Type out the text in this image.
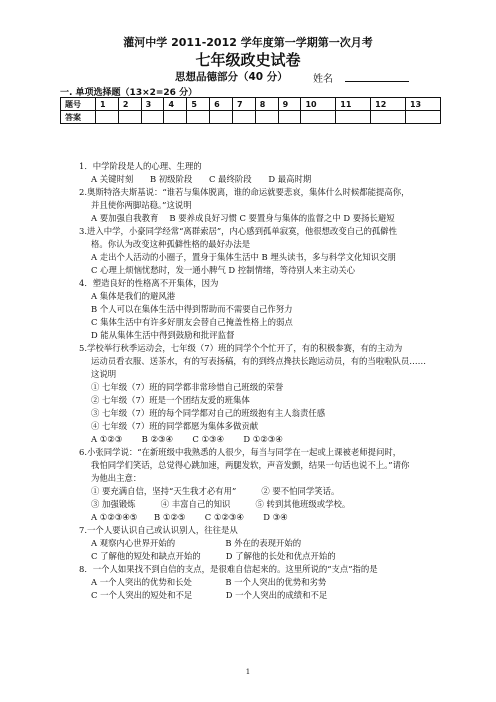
灌河中学 2011-2012 学年度第一学期第一次月考
七年级政史试卷
思想品德部分（40 分）	姓名
一. 单项选择题（13×2=26 分）
题号	1	2	3	4	5	6	7	8	9	10	11	12	13
答案													
1．中学阶段是人的心理、生理的
A 关键时刻　　B 初级阶段　　C 最终阶段　　D 最高时期
2.奥斯特洛夫斯基说：“谁若与集体脱离，谁的命运就要悲哀，集体什么时候都能提高你，
并且使你两脚站稳。”这说明
A 要加强自我教育　 B 要养成良好习惯 C 要置身与集体的监督之中 D 要扬长避短
3.进入中学，小豪同学经常“离群索居”，内心感到孤单寂寞，他很想改变自己的孤僻性
格。你认为改变这种孤僻性格的最好办法是
A 走出个人活动的小圈子，置身于集体生活中 B 埋头读书，多与科学文化知识交朋
C 心理上烦恼忧愁时，发一通小脾气 D 控制情绪，等待别人来主动关心
4．塑造良好的性格离不开集体，因为
A 集体是我们的避风港
B 个人可以在集体生活中得到帮助而不需要自己作努力
C 集体生活中有许多好朋友会替自己掩盖性格上的弱点
D 能从集体生活中得到鼓励和批评监督
5.学校举行秋季运动会，七年级（7）班的同学个个忙开了，有的积极参赛，有的主动为
运动员看衣服、送茶水，有的写表扬稿，有的到终点搀扶长跑运动员，有的当啦啦队员……
这说明
① 七年级（7）班的同学都非常珍惜自己班级的荣誉
② 七年级（7）班是一个团结友爱的班集体
③ 七年级（7）班的每个同学都对自己的班级抱有主人翁责任感
④ 七年级（7）班的同学都愿为集体多做贡献
A ①②③　　 B ②③④　　 C ①③④　　 D ①②③④
6.小张同学说：“在新班级中我熟悉的人很少，每当与同学在一起或上课被老师提问时，
我怕同学们笑话，总觉得心跳加速，两腿发软，声音发颤，结果一句话也说不上。”请你
为他出主意：
① 要充满自信，坚持“天生我才必有用”　　　② 要不怕同学笑话。
③ 加强锻炼　　　④ 丰富自己的知识　　　⑤ 转到其他班级或学校。
A ①②③④⑤　　B ①②⑤　　 C ①②③④　　 D ③④
7.一个人要认识自己或认识别人，往往是从
A 观察内心世界开始的　　　　　　B 外在的表现开始的
C 了解他的短处和缺点开始的　　　D 了解他的长处和优点开始的
8．一个人如果找不到自信的支点，是很难自信起来的。这里所说的“支点”指的是
A 一个人突出的优势和长处　　　　B 一个人突出的优势和劣势
C 一个人突出的短处和不足　　　　D 一个人突出的成绩和不足
1
